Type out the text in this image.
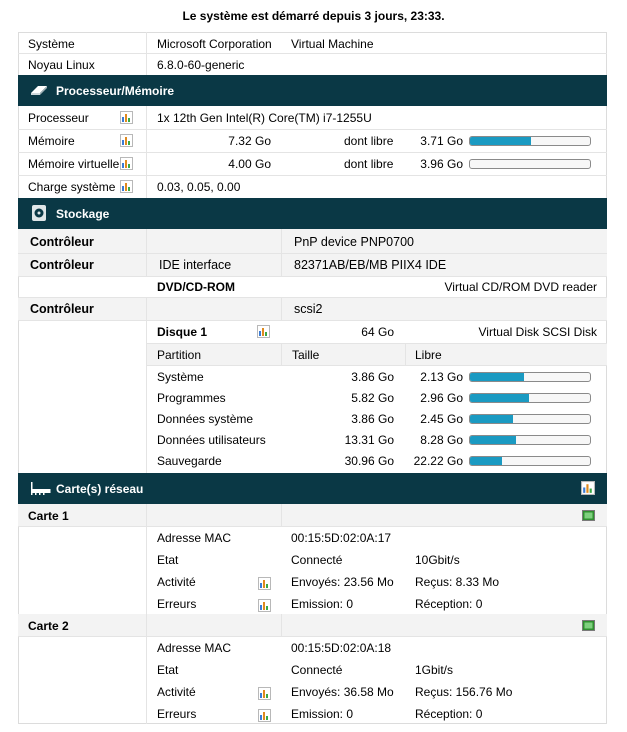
Le système est démarré depuis 3 jours, 23:33.
Système	Microsoft Corporation Virtual Machine
Noyau Linux	6.8.0-60-generic
Processeur/Mémoire
Processeur	1x 12th Gen Intel(R) Core(TM) i7-1255U
Mémoire	7.32 Go	dont libre	3.71 Go
Mémoire virtuelle	4.00 Go	dont libre	3.96 Go
Charge système	0.03, 0.05, 0.00
Stockage
Contrôleur	PnP device PNP0700
Contrôleur	IDE interface	82371AB/EB/MB PIIX4 IDE
DVD/CD-ROM	Virtual CD/ROM DVD reader
Contrôleur	scsi2
Disque 1	64 Go	Virtual Disk SCSI Disk
Partition	Taille	Libre
Système	3.86 Go	2.13 Go
Programmes	5.82 Go	2.96 Go
Données système	3.86 Go	2.45 Go
Données utilisateurs	13.31 Go	8.28 Go
Sauvegarde	30.96 Go	22.22 Go
Carte(s) réseau
Carte 1
Adresse MAC	00:15:5D:02:0A:17
Etat	Connecté	10Gbit/s
Activité	Envoyés: 23.56 Mo Reçus: 8.33 Mo
Erreurs	Emission: 0	Réception: 0
Carte 2
Adresse MAC	00:15:5D:02:0A:18
Etat	Connecté	1Gbit/s
Activité	Envoyés: 36.58 Mo Reçus: 156.76 Mo
Erreurs	Emission: 0	Réception: 0
